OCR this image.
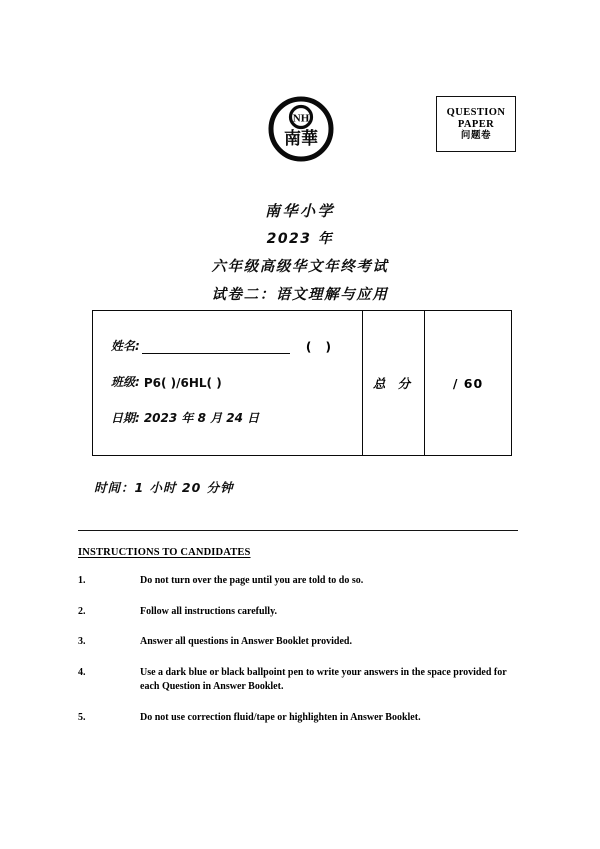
NH
南華
QUESTION
PAPER
问题卷
南华小学
2023 年
六年级高级华文年终考试
试卷二：语文理解与应用
姓名:	( )
班级: P6( )/6HL( )
日期: 2023 年 8 月 24 日
总 分	/ 60
时间：1 小时 20 分钟
INSTRUCTIONS TO CANDIDATES
1.	Do not turn over the page until you are told to do so.
2.	Follow all instructions carefully.
3.	Answer all questions in Answer Booklet provided.
4.	Use a dark blue or black ballpoint pen to write your answers in the space provided for each Question in Answer Booklet.
5.	Do not use correction fluid/tape or highlighten in Answer Booklet.
